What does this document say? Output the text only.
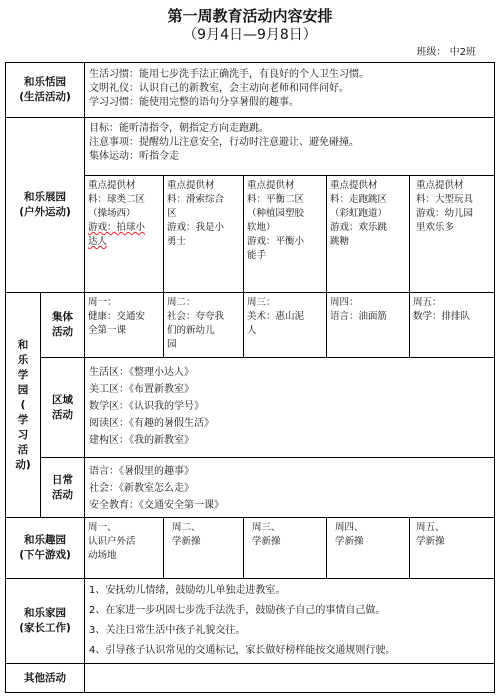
第一周教育活动内容安排
（9月4日—9月8日）
班级： 中2班
和乐恬园
(生活活动)
生活习惯：能用七步洗手法正确洗手，有良好的个人卫生习惯。
文明礼仪：认识自己的新教室，会主动向老师和同伴问好。
学习习惯：能使用完整的语句分享暑假的趣事。
和乐展园
(户外运动)
目标：能听清指令，朝指定方向走跑跳。
注意事项：提醒幼儿注意安全，行动时注意避让、避免碰撞。
集体运动：听指令走
重点提供材
料：球类二区
（操场西）
游戏：拍球小
达人
重点提供材
料：滑索综合
区
游戏：我是小
勇士
重点提供材
料：平衡二区
（种植园塑胶
软地）
游戏：平衡小
能手
重点提供材
料：走跑跳区
（彩虹跑道）
游戏：欢乐跳
跳糖
重点提供材
料：大型玩具
游戏：幼儿园
里欢乐多
和
乐
学
园
(
学
习
活
动)
集体
活动
周一：
健康：交通安
全第一课
周二：
社会：夸夸我
们的新幼儿
园
周三：
美术：惠山泥
人
周四：
语言：油面筋
周五：
数学：排排队
区域
活动
生活区：《整理小达人》
美工区：《布置新教室》
数学区：《认识我的学号》
阅读区：《有趣的暑假生活》
建构区：《我的新教室》
日常
活动
语言：《暑假里的趣事》
社会：《新教室怎么走》
安全教育：《交通安全第一课》
和乐趣园
(下午游戏)
周一、
认识户外活
动场地
周二、
学新操
周三、
学新操
周四、
学新操
周五、
学新操
和乐家园
(家长工作)
1、安抚幼儿情绪，鼓励幼儿单独走进教室。
2、在家进一步巩固七步洗手法洗手，鼓励孩子自己的事情自己做。
3、关注日常生活中孩子礼貌交往。
4、引导孩子认识常见的交通标记，家长做好榜样能按交通规则行驶。
其他活动
